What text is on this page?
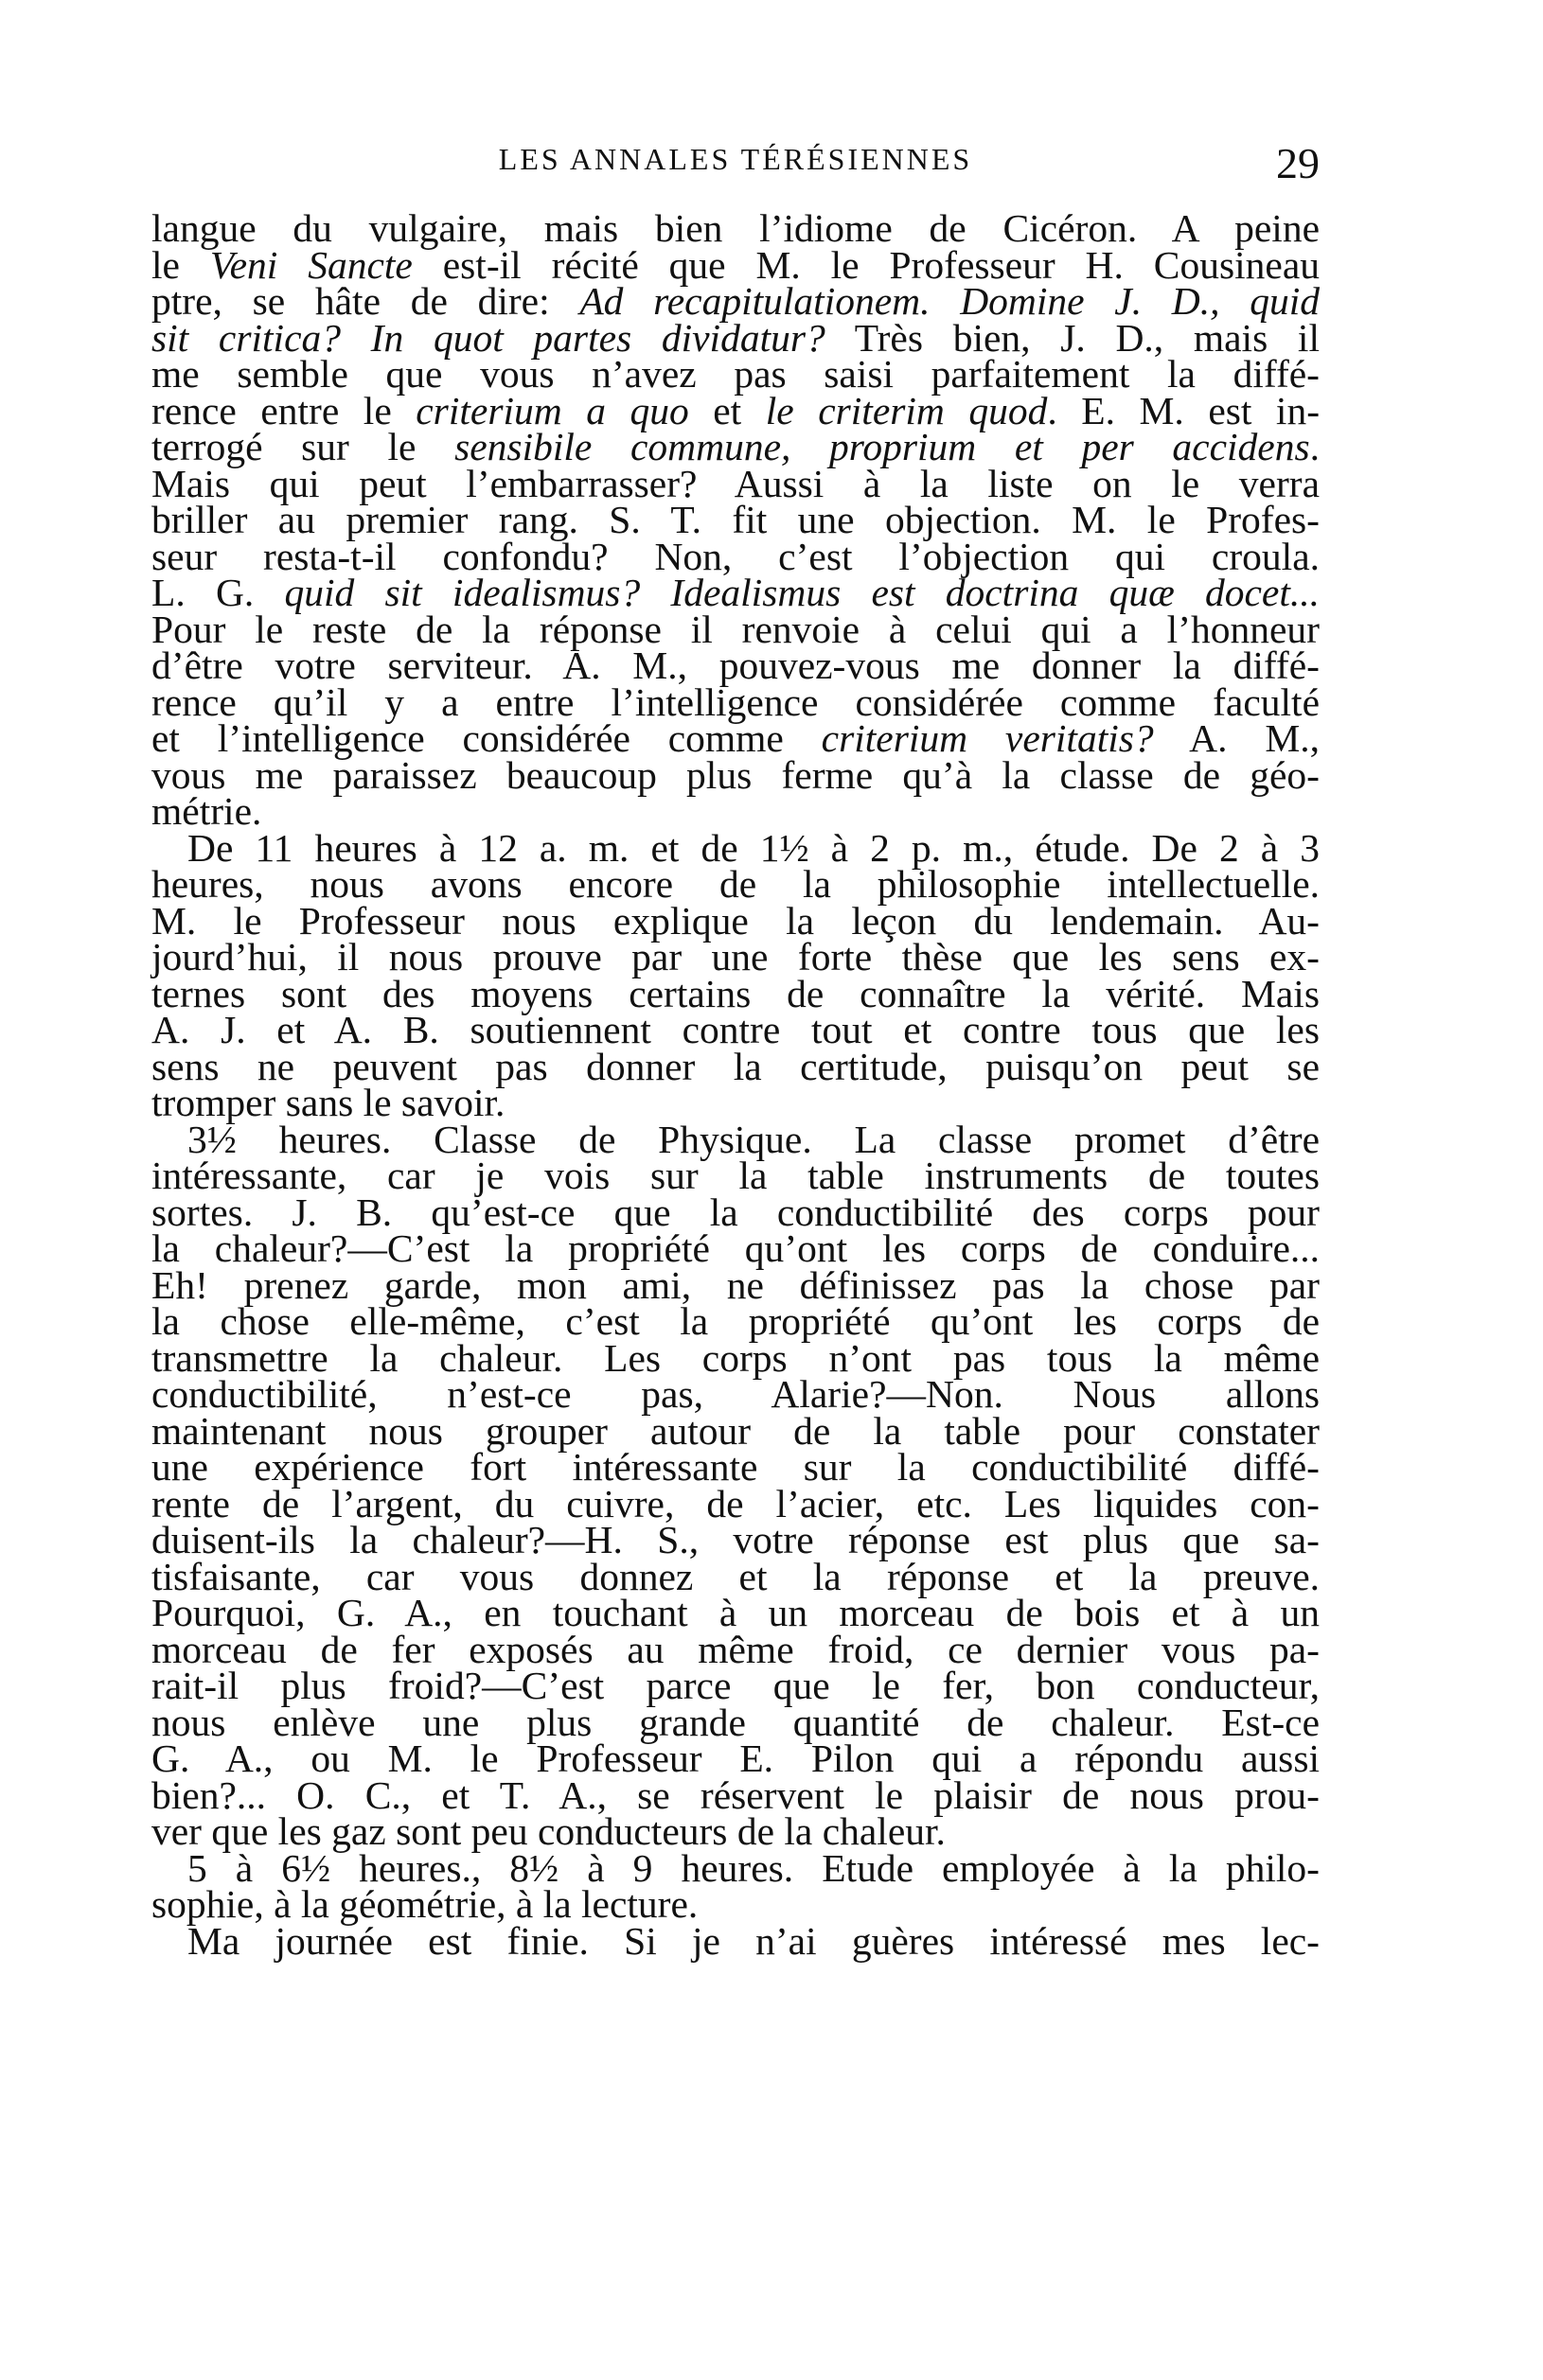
LES ANNALES TÉRÉSIENNES	29
langue du vulgaire, mais bien l’idiome de Cicéron. A peine
le Veni Sancte est-il récité que M. le Professeur H. Cousineau
ptre, se hâte de dire: Ad recapitulationem. Domine J. D., quid
sit critica? In quot partes dividatur? Très bien, J. D., mais il
me semble que vous n’avez pas saisi parfaitement la diffé-
rence entre le criterium a quo et le criterim quod. E. M. est in-
terrogé sur le sensibile commune, proprium et per accidens.
Mais qui peut l’embarrasser? Aussi à la liste on le verra
briller au premier rang. S. T. fit une objection. M. le Profes-
seur resta-t-il confondu? Non, c’est l’objection qui croula.
L. G. quid sit idealismus? Idealismus est doctrina quæ docet...
Pour le reste de la réponse il renvoie à celui qui a l’honneur
d’être votre serviteur. A. M., pouvez-vous me donner la diffé-
rence qu’il y a entre l’intelligence considérée comme faculté
et l’intelligence considérée comme criterium veritatis? A. M.,
vous me paraissez beaucoup plus ferme qu’à la classe de géo-
métrie.
De 11 heures à 12 a. m. et de 1½ à 2 p. m., étude. De 2 à 3
heures, nous avons encore de la philosophie intellectuelle.
M. le Professeur nous explique la leçon du lendemain. Au-
jourd’hui, il nous prouve par une forte thèse que les sens ex-
ternes sont des moyens certains de connaître la vérité. Mais
A. J. et A. B. soutiennent contre tout et contre tous que les
sens ne peuvent pas donner la certitude, puisqu’on peut se
tromper sans le savoir.
3½ heures. Classe de Physique. La classe promet d’être
intéressante, car je vois sur la table instruments de toutes
sortes. J. B. qu’est-ce que la conductibilité des corps pour
la chaleur?—C’est la propriété qu’ont les corps de conduire...
Eh! prenez garde, mon ami, ne définissez pas la chose par
la chose elle-même, c’est la propriété qu’ont les corps de
transmettre la chaleur. Les corps n’ont pas tous la même
conductibilité, n’est-ce pas, Alarie?—Non. Nous allons
maintenant nous grouper autour de la table pour constater
une expérience fort intéressante sur la conductibilité diffé-
rente de l’argent, du cuivre, de l’acier, etc. Les liquides con-
duisent-ils la chaleur?—H. S., votre réponse est plus que sa-
tisfaisante, car vous donnez et la réponse et la preuve.
Pourquoi, G. A., en touchant à un morceau de bois et à un
morceau de fer exposés au même froid, ce dernier vous pa-
rait-il plus froid?—C’est parce que le fer, bon conducteur,
nous enlève une plus grande quantité de chaleur. Est-ce
G. A., ou M. le Professeur E. Pilon qui a répondu aussi
bien?... O. C., et T. A., se réservent le plaisir de nous prou-
ver que les gaz sont peu conducteurs de la chaleur.
5 à 6½ heures., 8½ à 9 heures. Etude employée à la philo-
sophie, à la géométrie, à la lecture.
Ma journée est finie. Si je n’ai guères intéressé mes lec-
